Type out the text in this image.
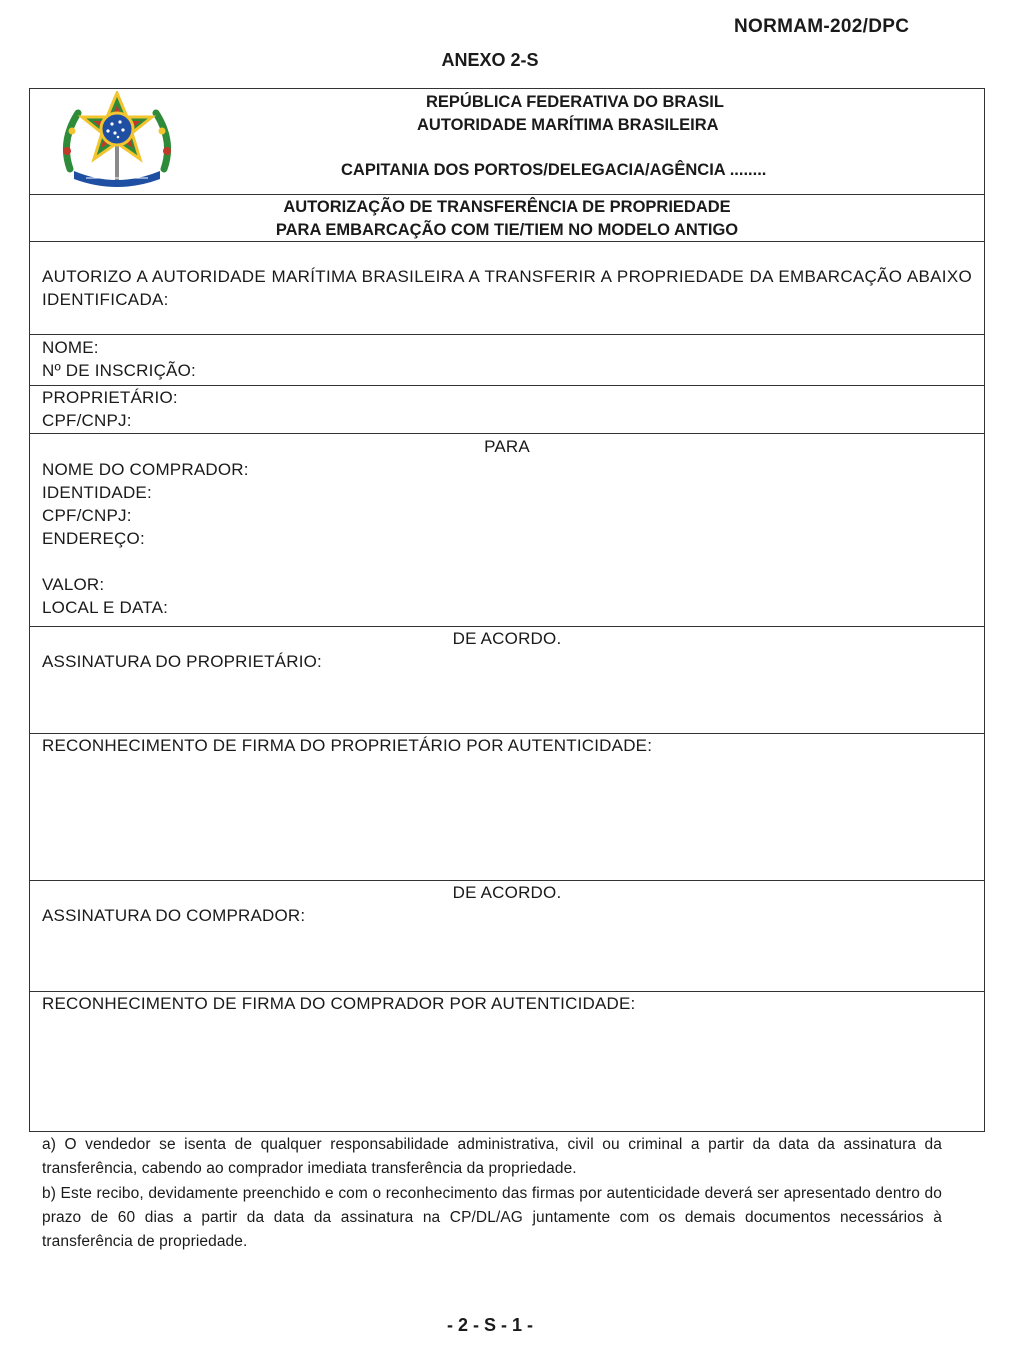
NORMAM-202/DPC
ANEXO 2-S
REPÚBLICA FEDERATIVA DO BRASIL
AUTORIDADE MARÍTIMA BRASILEIRA
CAPITANIA DOS PORTOS/DELEGACIA/AGÊNCIA ........
AUTORIZAÇÃO DE TRANSFERÊNCIA DE PROPRIEDADE
PARA EMBARCAÇÃO COM TIE/TIEM NO MODELO ANTIGO
AUTORIZO A AUTORIDADE MARÍTIMA BRASILEIRA A TRANSFERIR A PROPRIEDADE DA EMBARCAÇÃO ABAIXO IDENTIFICADA:
NOME:
Nº DE INSCRIÇÃO:
PROPRIETÁRIO:
CPF/CNPJ:
PARA
NOME DO COMPRADOR:
IDENTIDADE:
CPF/CNPJ:
ENDEREÇO:
VALOR:
LOCAL E DATA:
DE ACORDO.
ASSINATURA DO PROPRIETÁRIO:
RECONHECIMENTO DE FIRMA DO PROPRIETÁRIO POR AUTENTICIDADE:
DE ACORDO.
ASSINATURA DO COMPRADOR:
RECONHECIMENTO DE FIRMA DO COMPRADOR POR AUTENTICIDADE:
a) O vendedor se isenta de qualquer responsabilidade administrativa, civil ou criminal a partir da data da assinatura da transferência, cabendo ao comprador imediata transferência da propriedade.
b) Este recibo, devidamente preenchido e com o reconhecimento das firmas por autenticidade deverá ser apresentado dentro do prazo de 60 dias a partir da data da assinatura na CP/DL/AG juntamente com os demais documentos necessários à transferência de propriedade.
- 2 - S - 1 -
